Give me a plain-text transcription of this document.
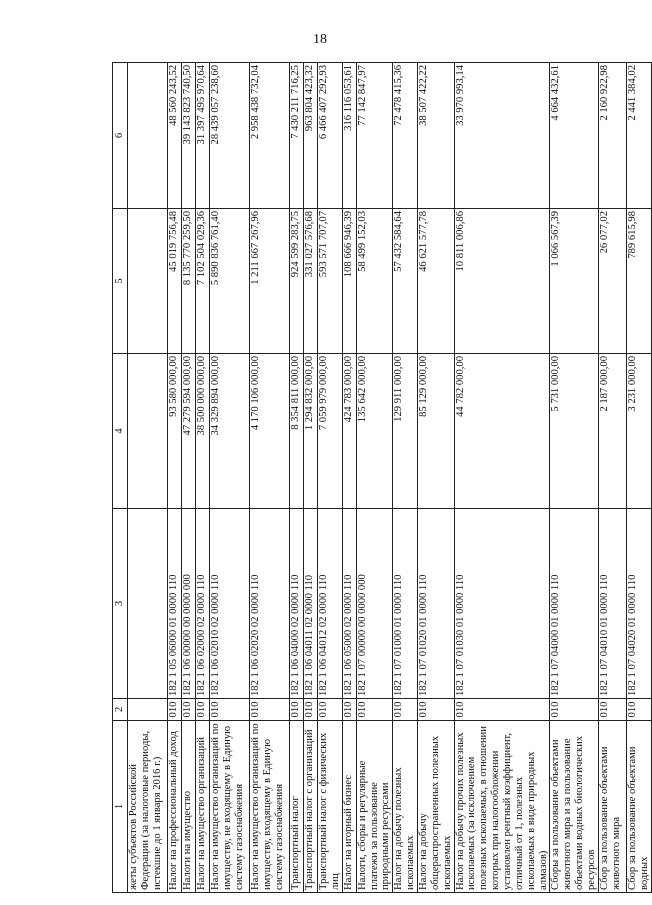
18
1	2	3	4	5	6
жеты субъектов Российской Федерации (за налоговые периоды, истекшие до 1 января 2016 г.)					
Налог на профессиональный доход	010	182 1 05 06000 01 0000 110	93 580 000,00	45 019 756,48	48 560 243,52
Налоги на имущество	010	182 1 06 00000 00 0000 000	47 279 594 000,00	8 135 770 259,50	39 143 823 740,50
Налог на имущество организаций	010	182 1 06 02000 02 0000 110	38 500 000 000,00	7 102 504 029,36	31 397 495 970,64
Налог на имущество организаций по имуществу, не входящему в Единую систему газоснабжения	010	182 1 06 02010 02 0000 110	34 329 894 000,00	5 890 836 761,40	28 439 057 238,60
Налог на имущество организаций по имуществу, входящему в Единую систему газоснабжения	010	182 1 06 02020 02 0000 110	4 170 106 000,00	1 211 667 267,96	2 958 438 732,04
Транспортный налог	010	182 1 06 04000 02 0000 110	8 354 811 000,00	924 599 283,75	7 430 211 716,25
Транспортный налог с организаций	010	182 1 06 04011 02 0000 110	1 294 832 000,00	331 027 576,68	963 804 423,32
Транспортный налог с физических лиц	010	182 1 06 04012 02 0000 110	7 059 979 000,00	593 571 707,07	6 466 407 292,93
Налог на игорный бизнес	010	182 1 06 05000 02 0000 110	424 783 000,00	108 666 946,39	316 116 053,61
Налоги, сборы и регулярные платежи за пользование природными ресурсами	010	182 1 07 00000 00 0000 000	135 642 000,00	58 499 152,03	77 142 847,97
Налог на добычу полезных ископаемых	010	182 1 07 01000 01 0000 110	129 911 000,00	57 432 584,64	72 478 415,36
Налог на добычу общераспространенных полезных ископаемых	010	182 1 07 01020 01 0000 110	85 129 000,00	46 621 577,78	38 507 422,22
Налог на добычу прочих полезных ископаемых (за исключением полезных ископаемых, в отношении которых при налогообложении установлен рентный коэффициент, отличный от 1, полезных ископаемых в виде природных алмазов)	010	182 1 07 01030 01 0000 110	44 782 000,00	10 811 006,86	33 970 993,14
Сборы за пользование объектами животного мира и за пользование объектами водных биологических ресурсов	010	182 1 07 04000 01 0000 110	5 731 000,00	1 066 567,39	4 664 432,61
Сбор за пользование объектами животного мира	010	182 1 07 04010 01 0000 110	2 187 000,00	26 077,02	2 160 922,98
Сбор за пользование объектами водных	010	182 1 07 04020 01 0000 110	3 231 000,00	789 615,98	2 441 384,02
